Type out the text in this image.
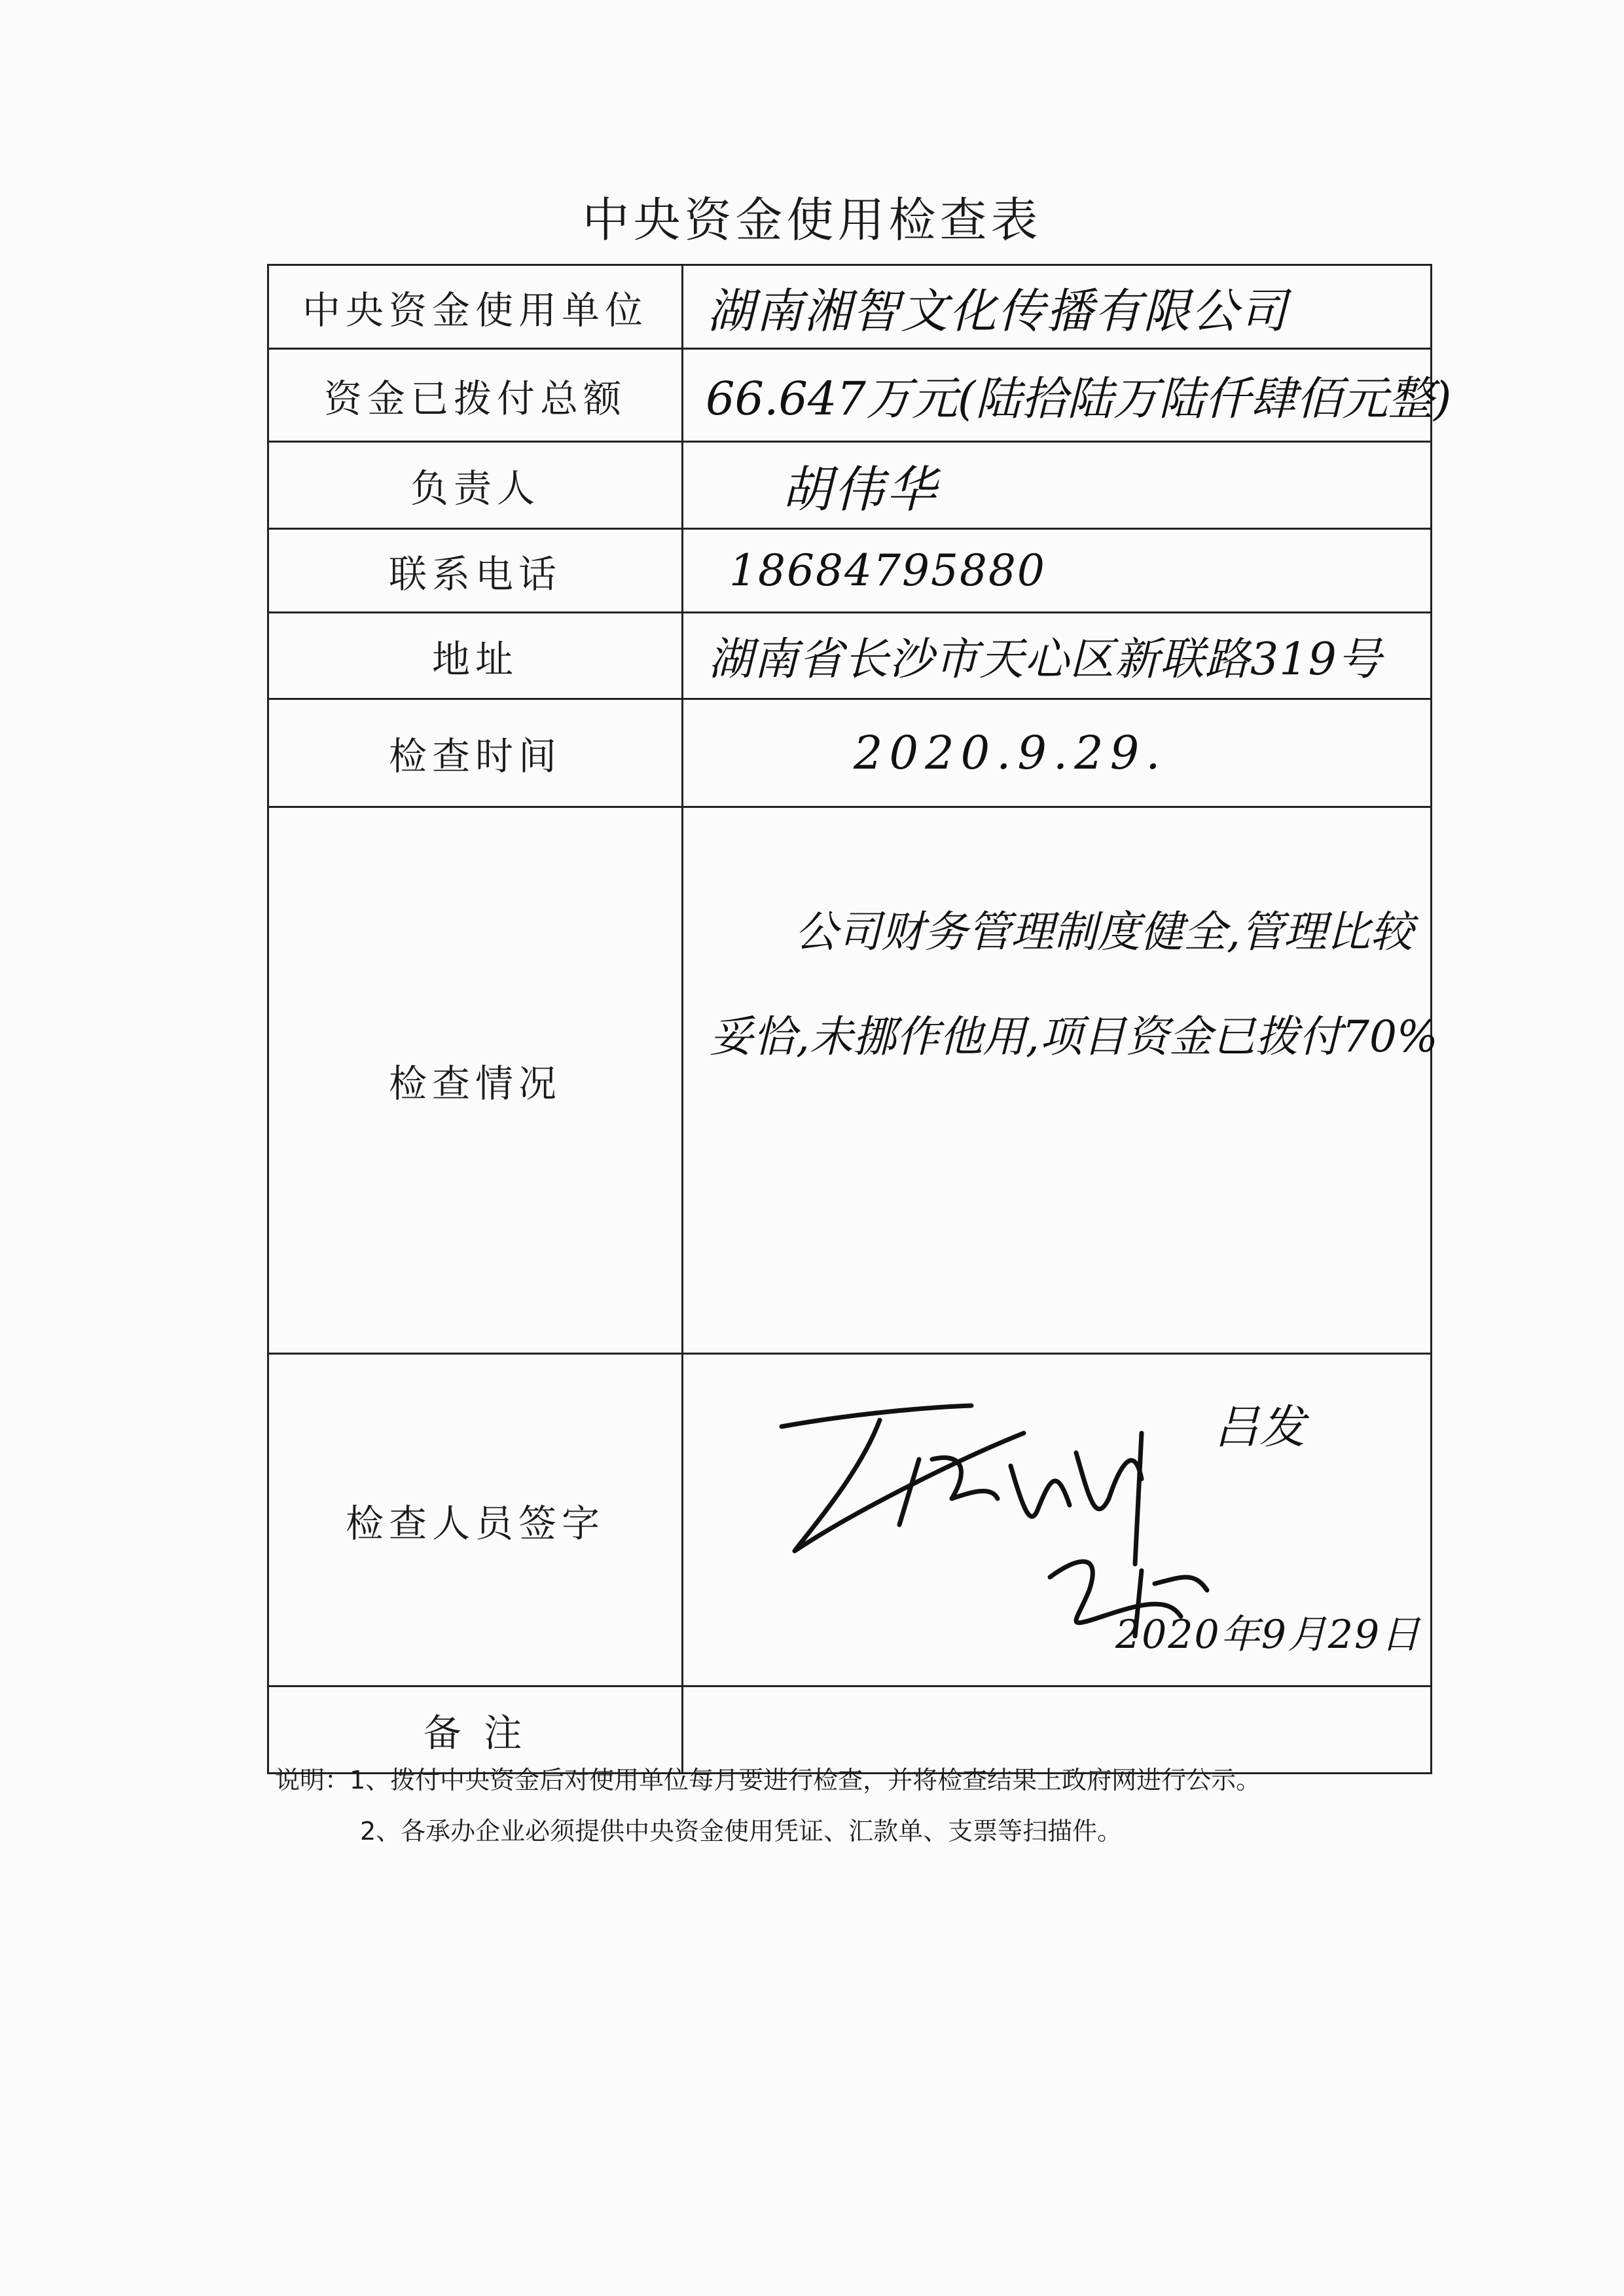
中央资金使用检查表
中央资金使用单位	湖南湘智文化传播有限公司
资金已拨付总额	66.647万元(陆拾陆万陆仟肆佰元整)
负责人	胡伟华
联系电话	18684795880
地址	湖南省长沙市天心区新联路319号
检查时间	2020.9.29.
检查情况	公司财务管理制度健全,管理比较
妥恰,未挪作他用,项目资金已拨付70%

检查人员签字	吕发
2020年9月29日

备 注	
说明：1、拨付中央资金后对使用单位每月要进行检查，并将检查结果上政府网进行公示。
2、各承办企业必须提供中央资金使用凭证、汇款单、支票等扫描件。
